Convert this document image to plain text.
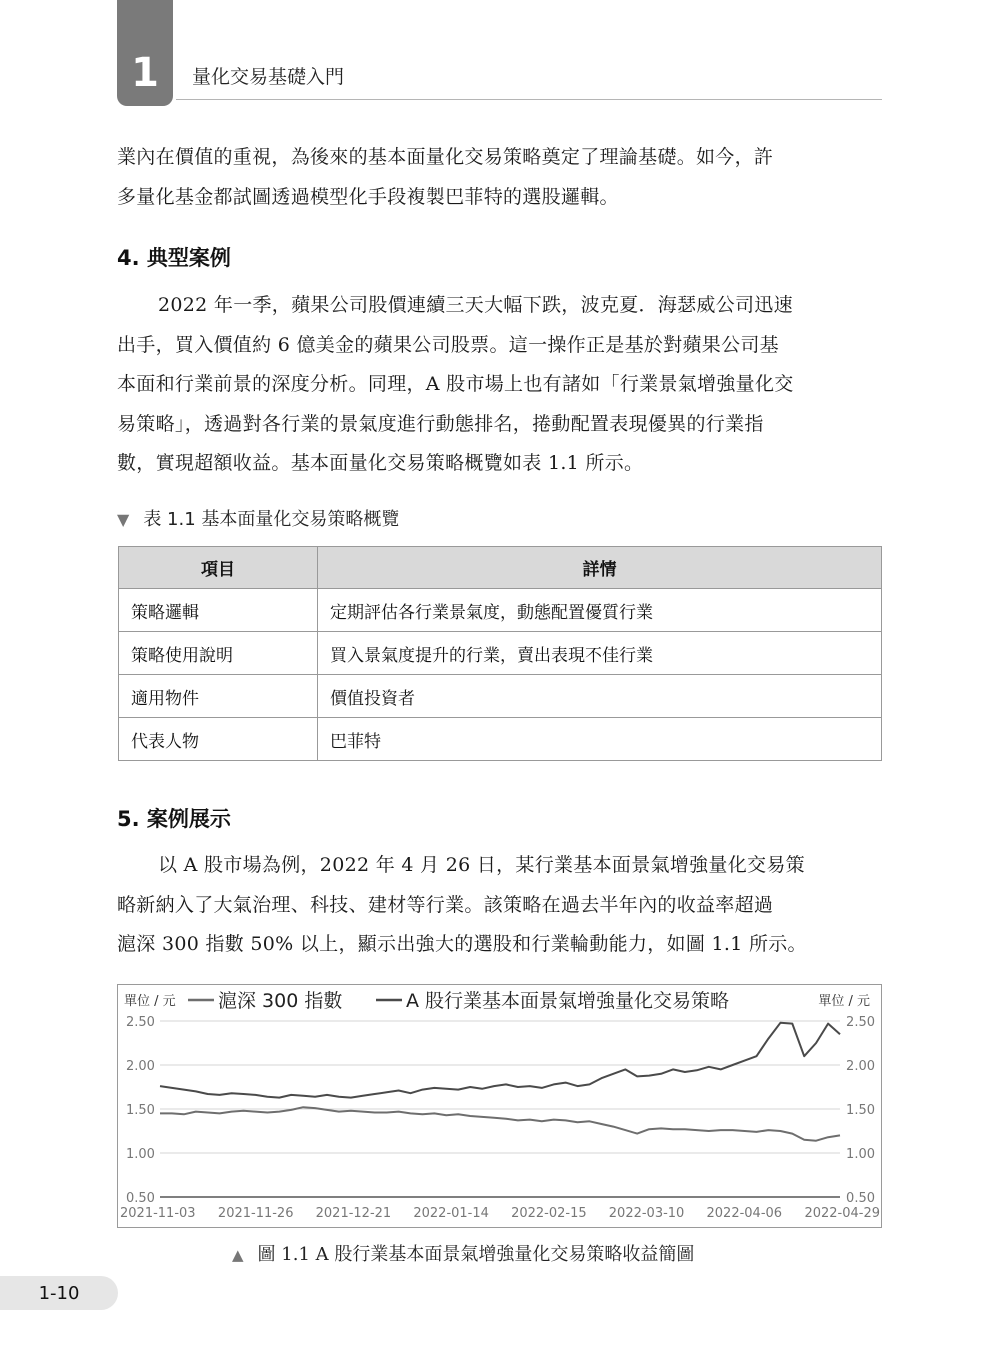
1	量化交易基礎入門
業內在價值的重視，為後來的基本面量化交易策略奠定了理論基礎。如今，許
多量化基金都試圖透過模型化手段複製巴菲特的選股邏輯。
4. 典型案例
2022 年一季，蘋果公司股價連續三天大幅下跌，波克夏．海瑟威公司迅速
出手，買入價值約 6 億美金的蘋果公司股票。這一操作正是基於對蘋果公司基
本面和行業前景的深度分析。同理，A 股市場上也有諸如「行業景氣增強量化交
易策略」，透過對各行業的景氣度進行動態排名，捲動配置表現優異的行業指
數，實現超額收益。基本面量化交易策略概覽如表 1.1 所示。
▼ 表 1.1 基本面量化交易策略概覽
項目	詳情
策略邏輯	定期評估各行業景氣度，動態配置優質行業
策略使用說明	買入景氣度提升的行業，賣出表現不佳行業
適用物件	價值投資者
代表人物	巴菲特
5. 案例展示
以 A 股市場為例，2022 年 4 月 26 日，某行業基本面景氣增強量化交易策
略新納入了大氣治理、科技、建材等行業。該策略在過去半年內的收益率超過
滬深 300 指數 50% 以上，顯示出強大的選股和行業輪動能力，如圖 1.1 所示。
2.50	2.50
2.00	2.00
1.50	1.50
1.00	1.00
0.50	0.50
2021-11-03 2021-11-26 2021-12-21 2022-01-14 2022-02-15 2022-03-10 2022-04-06 2022-04-29
單位 / 元	單位 / 元
滬深 300 指數	A 股行業基本面景氣增強量化交易策略
▲ 圖 1.1 A 股行業基本面景氣增強量化交易策略收益簡圖
1-10
